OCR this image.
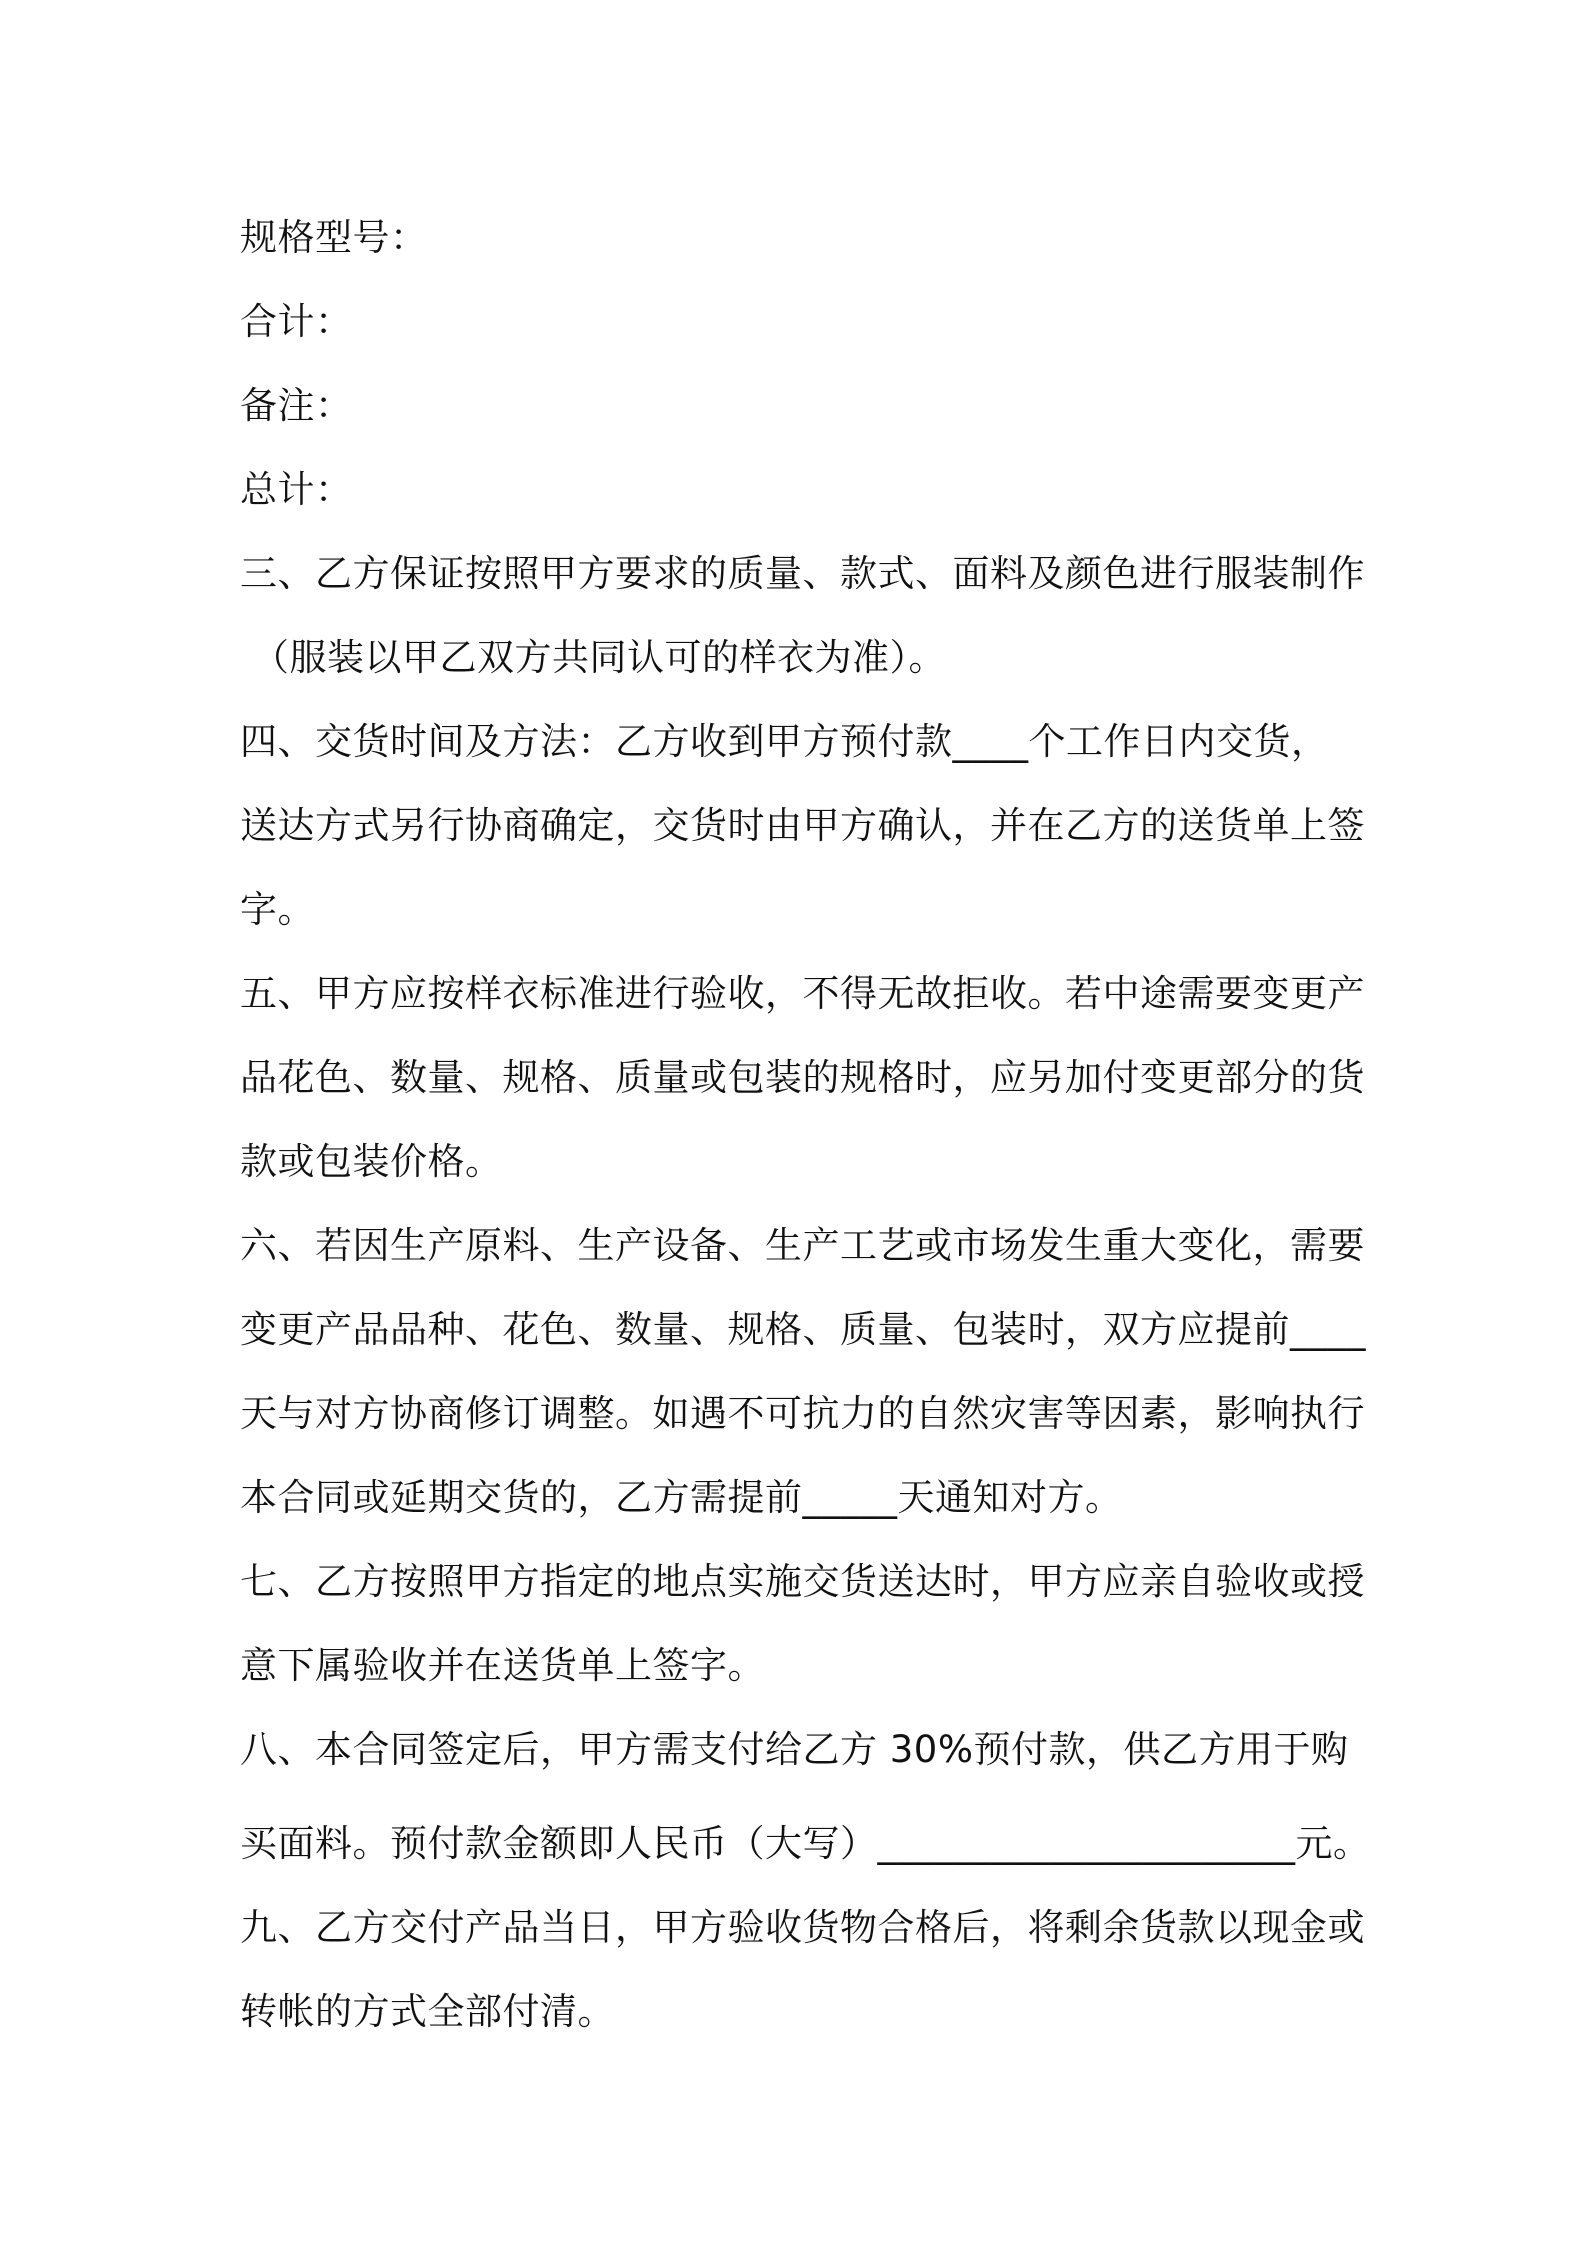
规格型号：
合计：
备注：
总计：
三、乙方保证按照甲方要求的质量、款式、面料及颜色进行服装制作
（服装以甲乙双方共同认可的样衣为准）。
四、交货时间及方法：乙方收到甲方预付款____个工作日内交货，
送达方式另行协商确定，交货时由甲方确认，并在乙方的送货单上签
字。
五、甲方应按样衣标准进行验收，不得无故拒收。若中途需要变更产
品花色、数量、规格、质量或包装的规格时，应另加付变更部分的货
款或包装价格。
六、若因生产原料、生产设备、生产工艺或市场发生重大变化，需要
变更产品品种、花色、数量、规格、质量、包装时，双方应提前____
天与对方协商修订调整。如遇不可抗力的自然灾害等因素，影响执行
本合同或延期交货的，乙方需提前_____天通知对方。
七、乙方按照甲方指定的地点实施交货送达时，甲方应亲自验收或授
意下属验收并在送货单上签字。
八、本合同签定后，甲方需支付给乙方 30%预付款，供乙方用于购
买面料。预付款金额即人民币（大写）______________________元。
九、乙方交付产品当日，甲方验收货物合格后，将剩余货款以现金或
转帐的方式全部付清。
